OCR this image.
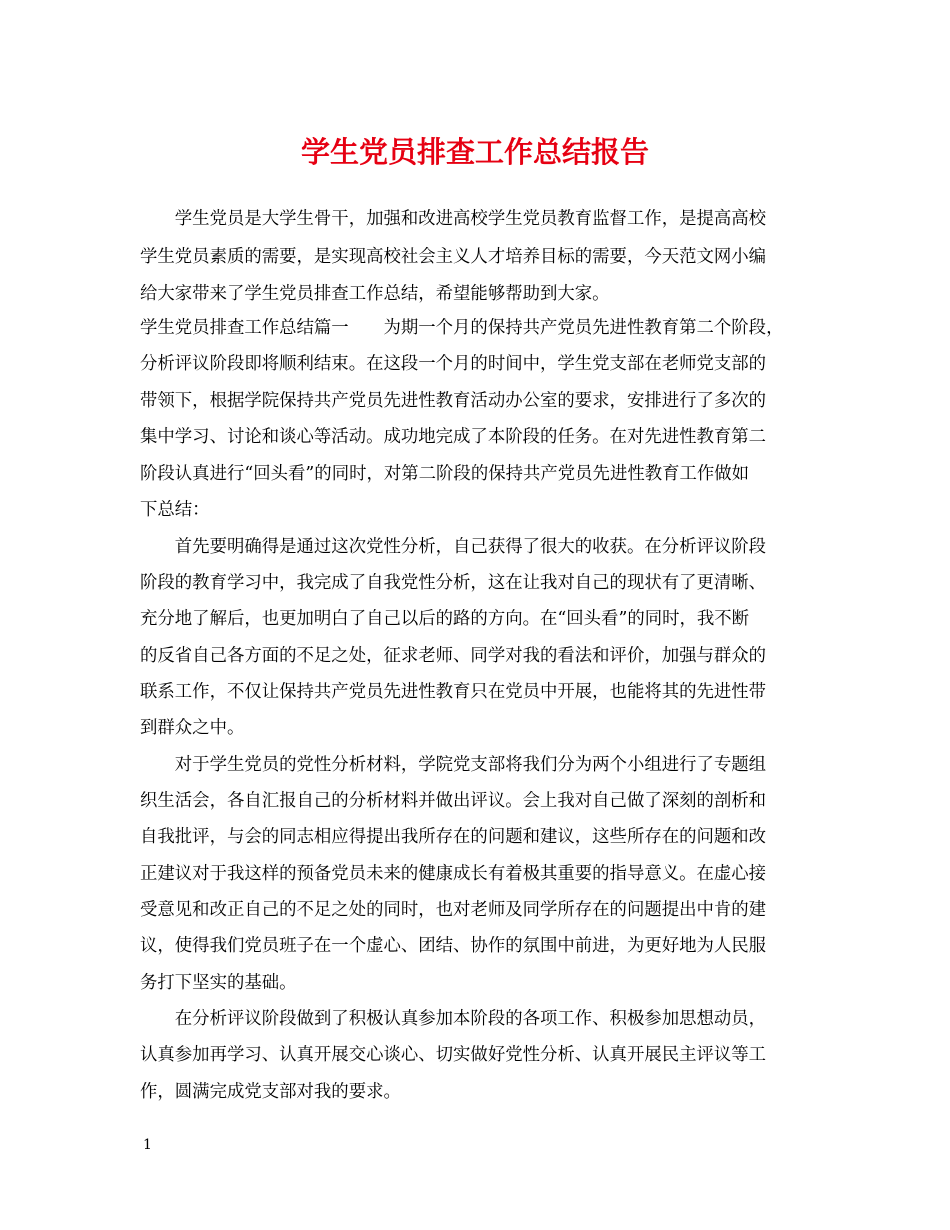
学生党员排查工作总结报告
　　学生党员是大学生骨干，加强和改进高校学生党员教育监督工作，是提高高校
学生党员素质的需要，是实现高校社会主义人才培养目标的需要，今天范文网小编
给大家带来了学生党员排查工作总结，希望能够帮助到大家。
学生党员排查工作总结篇一　　为期一个月的保持共产党员先进性教育第二个阶段，
分析评议阶段即将顺利结束。在这段一个月的时间中，学生党支部在老师党支部的
带领下，根据学院保持共产党员先进性教育活动办公室的要求，安排进行了多次的
集中学习、讨论和谈心等活动。成功地完成了本阶段的任务。在对先进性教育第二
阶段认真进行“回头看”的同时，对第二阶段的保持共产党员先进性教育工作做如
下总结：
　　首先要明确得是通过这次党性分析，自己获得了很大的收获。在分析评议阶段
阶段的教育学习中，我完成了自我党性分析，这在让我对自己的现状有了更清晰、
充分地了解后，也更加明白了自己以后的路的方向。在“回头看”的同时，我不断
的反省自己各方面的不足之处，征求老师、同学对我的看法和评价，加强与群众的
联系工作，不仅让保持共产党员先进性教育只在党员中开展，也能将其的先进性带
到群众之中。
　　对于学生党员的党性分析材料，学院党支部将我们分为两个小组进行了专题组
织生活会，各自汇报自己的分析材料并做出评议。会上我对自己做了深刻的剖析和
自我批评，与会的同志相应得提出我所存在的问题和建议，这些所存在的问题和改
正建议对于我这样的预备党员未来的健康成长有着极其重要的指导意义。在虚心接
受意见和改正自己的不足之处的同时，也对老师及同学所存在的问题提出中肯的建
议，使得我们党员班子在一个虚心、团结、协作的氛围中前进，为更好地为人民服
务打下坚实的基础。
　　在分析评议阶段做到了积极认真参加本阶段的各项工作、积极参加思想动员，
认真参加再学习、认真开展交心谈心、切实做好党性分析、认真开展民主评议等工
作，圆满完成党支部对我的要求。
1
